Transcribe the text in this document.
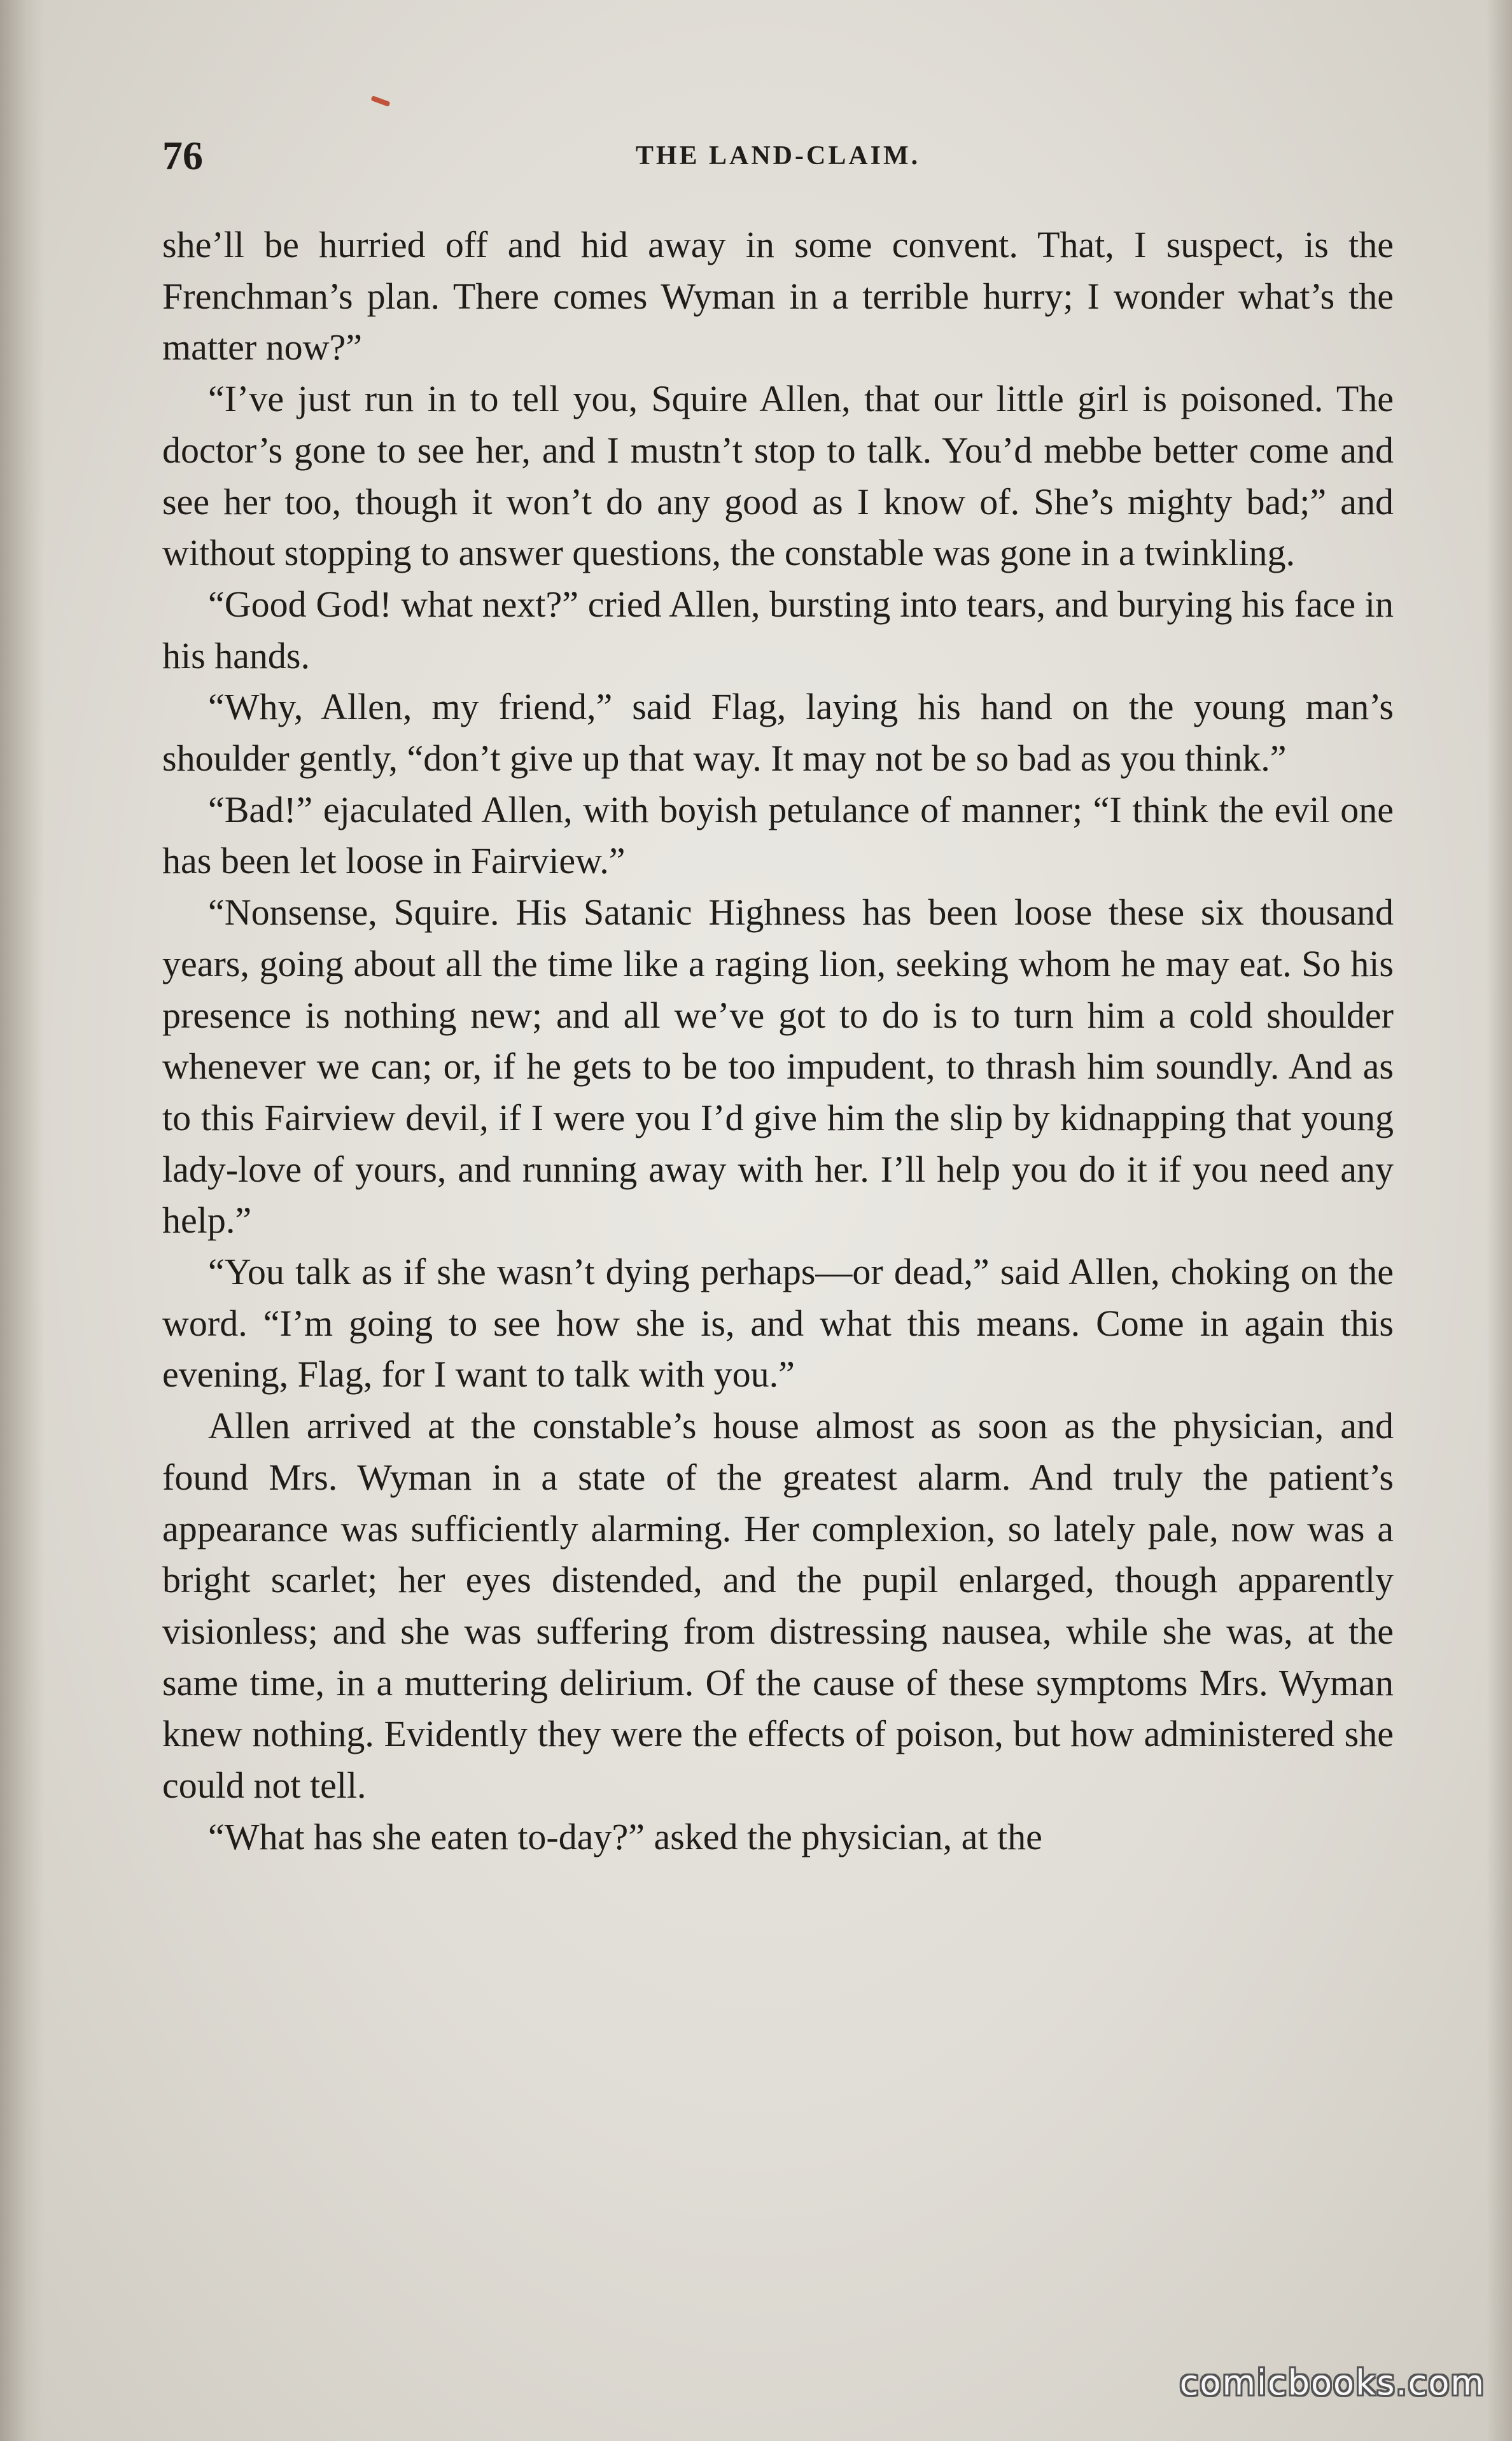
76	THE LAND-CLAIM.

she’ll be hurried off and hid away in some convent. That, I suspect, is the Frenchman’s plan. There comes Wyman in a terrible hurry; I wonder what’s the matter now?”

“I’ve just run in to tell you, Squire Allen, that our little girl is poisoned. The doctor’s gone to see her, and I mustn’t stop to talk. You’d mebbe better come and see her too, though it won’t do any good as I know of. She’s mighty bad;” and without stopping to answer questions, the constable was gone in a twinkling.

“Good God! what next?” cried Allen, bursting into tears, and burying his face in his hands.

“Why, Allen, my friend,” said Flag, laying his hand on the young man’s shoulder gently, “don’t give up that way. It may not be so bad as you think.”

“Bad!” ejaculated Allen, with boyish petulance of manner; “I think the evil one has been let loose in Fairview.”

“Nonsense, Squire. His Satanic Highness has been loose these six thousand years, going about all the time like a raging lion, seeking whom he may eat. So his presence is nothing new; and all we’ve got to do is to turn him a cold shoulder whenever we can; or, if he gets to be too impudent, to thrash him soundly. And as to this Fairview devil, if I were you I’d give him the slip by kidnapping that young lady-love of yours, and running away with her. I’ll help you do it if you need any help.”

“You talk as if she wasn’t dying perhaps—or dead,” said Allen, choking on the word. “I’m going to see how she is, and what this means. Come in again this evening, Flag, for I want to talk with you.”

Allen arrived at the constable’s house almost as soon as the physician, and found Mrs. Wyman in a state of the greatest alarm. And truly the patient’s appearance was sufficiently alarming. Her complexion, so lately pale, now was a bright scarlet; her eyes distended, and the pupil enlarged, though apparently visionless; and she was suffering from distressing nausea, while she was, at the same time, in a muttering delirium. Of the cause of these symptoms Mrs. Wyman knew nothing. Evidently they were the effects of poison, but how administered she could not tell.

“What has she eaten to-day?” asked the physician, at the

comicbooks.com
